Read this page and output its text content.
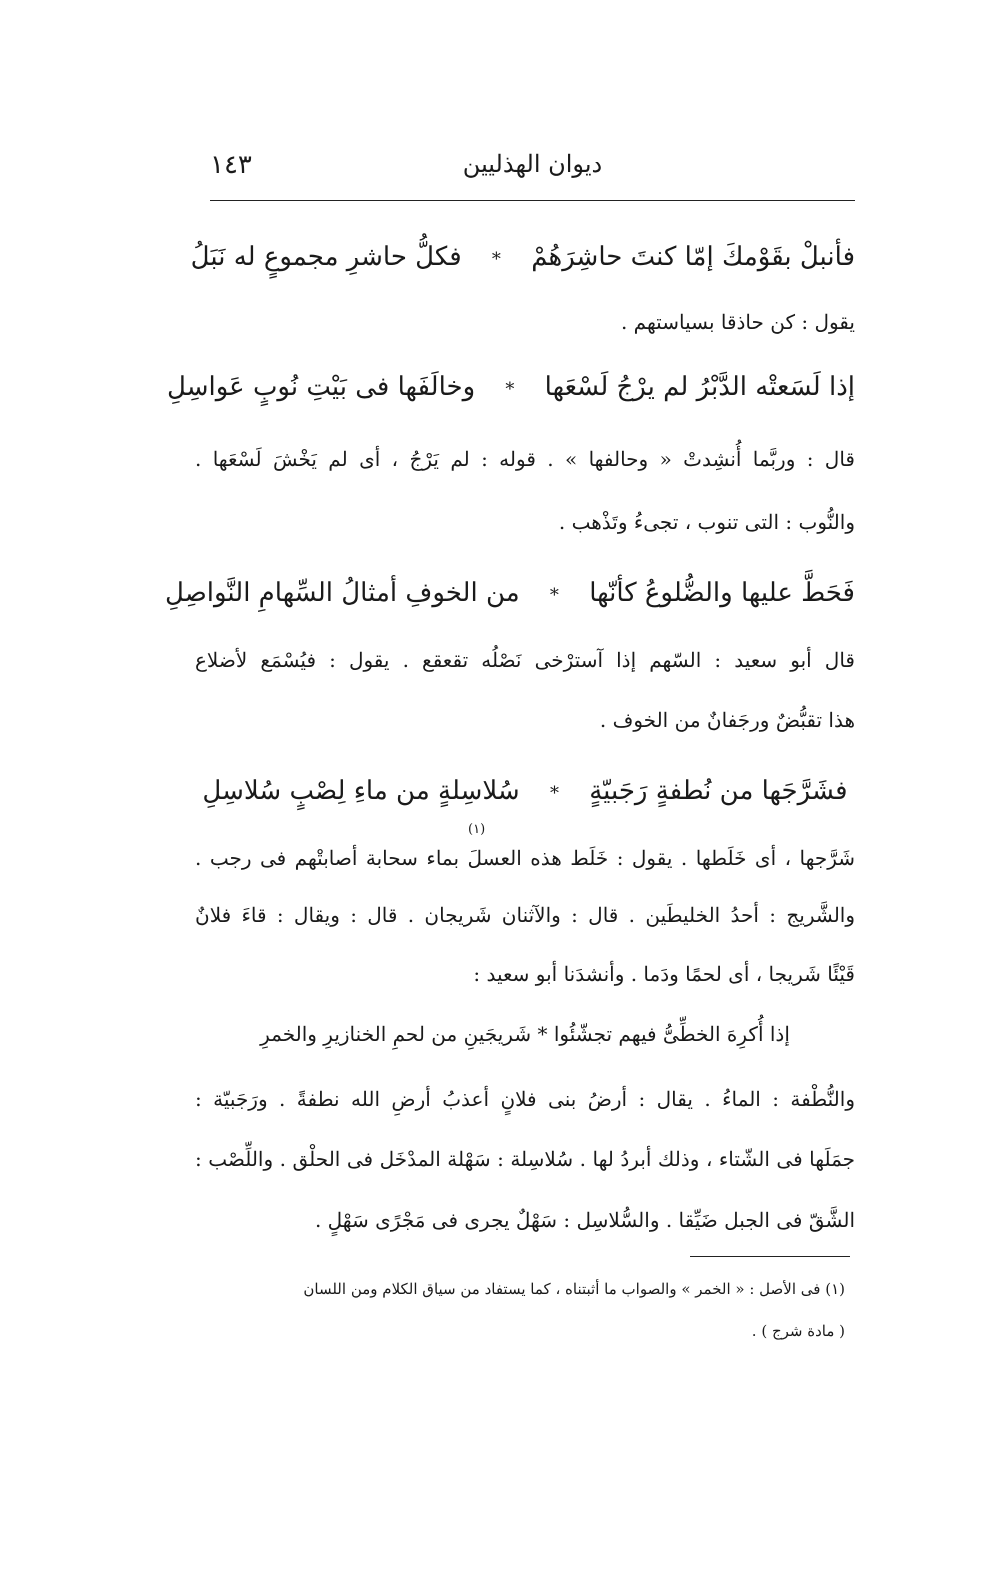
ديوان الهذليين
١٤٣
فأنبلْ بقَوْمكَ إمّا كنتَ حاشِرَهُمْ * فكلُّ حاشرِ مجموعٍ له نَبَلُ
يقول : كن حاذقا بسياستهم .
إذا لَسَعتْه الدَّبْرُ لم يرْجُ لَسْعَها * وخالَفَها فى بَيْتِ نُوبٍ عَواسِلِ
قال : وربَّما أُنشِدتْ « وحالفها » . قوله : لم يَرْجُ ، أى لم يَخْشَ لَسْعَها .
والنُّوب : التى تنوب ، تجىءُ وتَذْهب .
فَحَطَّ عليها والضُّلوعُ كأنّها * من الخوفِ أمثالُ السِّهامِ النَّواصِلِ
قال أبو سعيد : السّهم إذا آسترْخى نَصْلُه تقعقع . يقول : فيُسْمَع لأضلاع
هذا تقبُّضٌ ورجَفانٌ من الخوف .
فشَرَّجَها من نُطفةٍ رَجَبيّةٍ * سُلاسِلةٍ من ماءِ لِصْبٍ سُلاسِلِ
(١)
شَرَّجها ، أى خَلَطها . يقول : خَلَط هذه العسلَ بماء سحابة أصابتْهم فى رجب .
والشَّريج : أحدُ الخليطَين . قال : والآثنان شَريجان . قال : ويقال : قاءَ فلانٌ
قَيْئًا شَريجا ، أى لحمًا ودَما . وأنشدَنا أبو سعيد :
إذا أُكرِهَ الخطِّىُّ فيهم تجشّئُوا * شَريجَينِ من لحمِ الخنازيرِ والخمرِ
والنُّطْفة : الماءُ . يقال : أرضُ بنى فلانٍ أعذبُ أرضِ الله نطفةً . ورَجَبيّة :
جمَلَها فى الشّتاء ، وذلك أبردُ لها . سُلاسِلة : سَهْلة المدْخَل فى الحلْق . واللِّصْب :
الشَّقّ فى الجبل ضَيِّقا . والسُّلاسِل : سَهْلٌ يجرى فى مَجْرًى سَهْلٍ .
(١) فى الأصل : « الخمر » والصواب ما أثبتناه ، كما يستفاد من سياق الكلام ومن اللسان
( مادة شرج ) .
